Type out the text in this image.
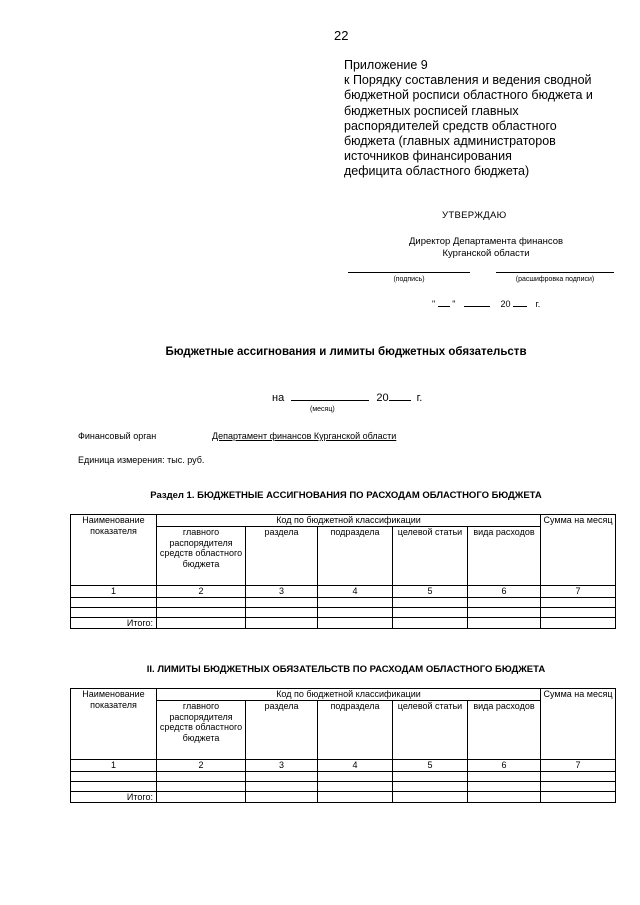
22
Приложение 9
к Порядку составления и ведения сводной
бюджетной росписи областного бюджета и
бюджетных росписей главных
распорядителей средств областного
бюджета (главных администраторов
источников финансирования
дефицита областного бюджета)
УТВЕРЖДАЮ
Директор Департамента финансов
Курганской области
(подпись)	(расшифровка подписи)
" "	20	г.
Бюджетные ассигнования и лимиты бюджетных обязательств
на	20	г.
(месяц)
Финансовый орган	Департамент финансов Курганской области
Единица измерения: тыс. руб.
Раздел 1. БЮДЖЕТНЫЕ АССИГНОВАНИЯ ПО РАСХОДАМ ОБЛАСТНОГО БЮДЖЕТА
Наименование показателя	Код по бюджетной классификации					Сумма на месяц
	главного распорядителя средств областного бюджета	раздела	подраздела	целевой статьи	вида расходов	
1	2	3	4	5	6	7

Итого:						
II. ЛИМИТЫ БЮДЖЕТНЫХ ОБЯЗАТЕЛЬСТВ ПО РАСХОДАМ ОБЛАСТНОГО БЮДЖЕТА
Наименование показателя	Код по бюджетной классификации					Сумма на месяц
	главного распорядителя средств областного бюджета	раздела	подраздела	целевой статьи	вида расходов	
1	2	3	4	5	6	7

Итого:						
